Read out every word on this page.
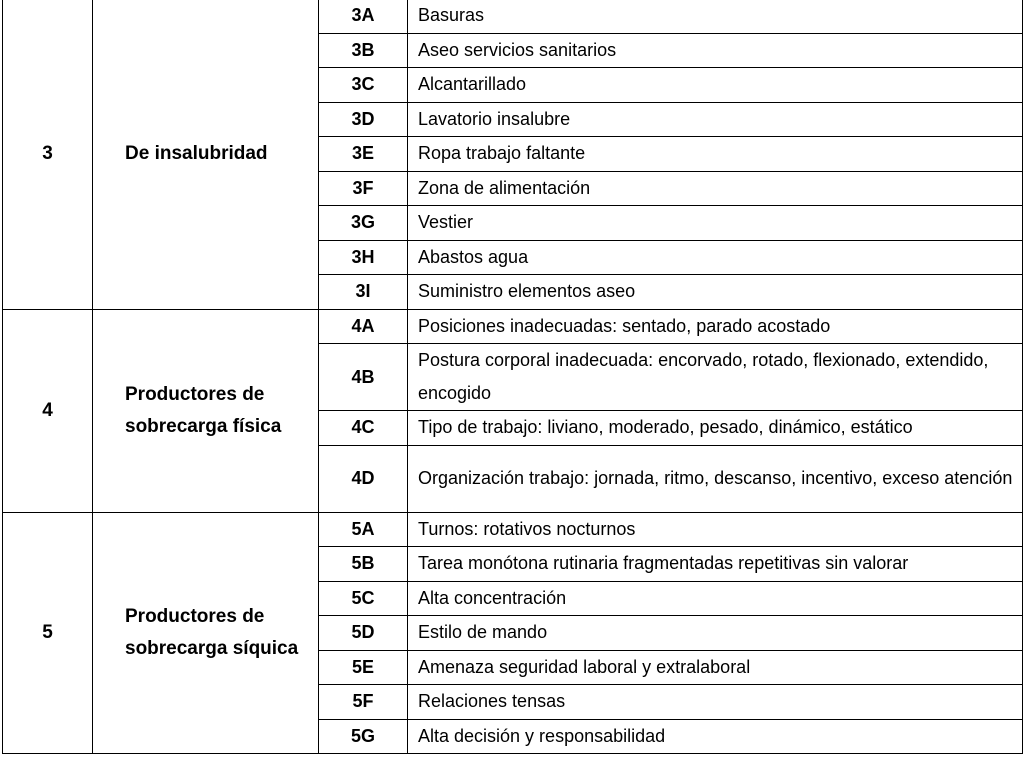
3	De insalubridad	3A	Basuras
		3B	Aseo servicios sanitarios
		3C	Alcantarillado
		3D	Lavatorio insalubre
		3E	Ropa trabajo faltante
		3F	Zona de alimentación
		3G	Vestier
		3H	Abastos agua
		3I	Suministro elementos aseo
4	Productores de sobrecarga física	4A	Posiciones inadecuadas: sentado, parado acostado
		4B	Postura corporal inadecuada: encorvado, rotado, flexionado, extendido, encogido
		4C	Tipo de trabajo: liviano, moderado, pesado, dinámico, estático
		4D	Organización trabajo: jornada, ritmo, descanso, incentivo, exceso atención
5	Productores de sobrecarga síquica	5A	Turnos: rotativos nocturnos
		5B	Tarea monótona rutinaria fragmentadas repetitivas sin valorar
		5C	Alta concentración
		5D	Estilo de mando
		5E	Amenaza seguridad laboral y extralaboral
		5F	Relaciones tensas
		5G	Alta decisión y responsabilidad
